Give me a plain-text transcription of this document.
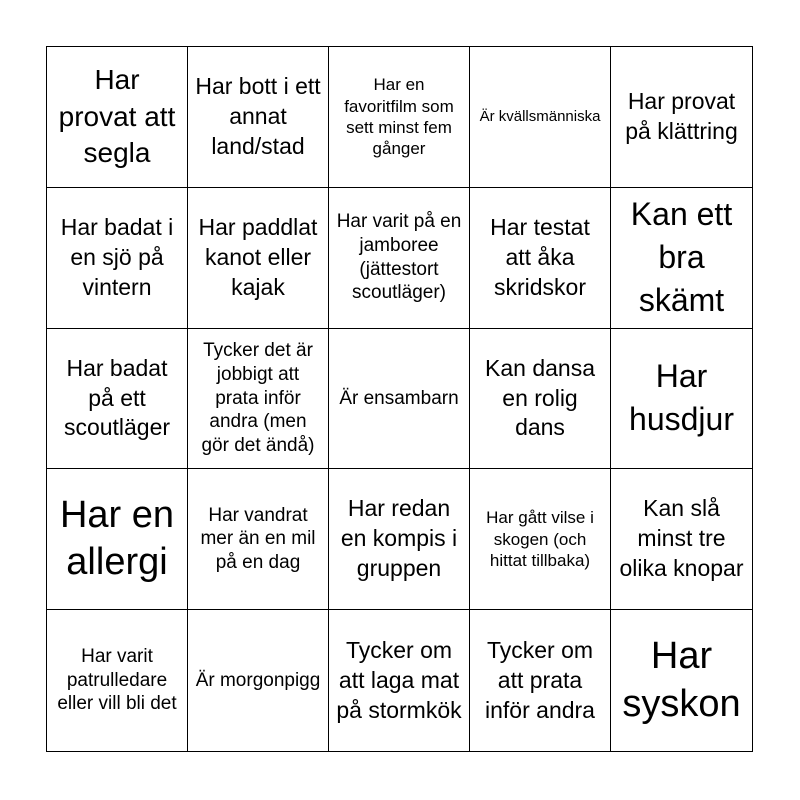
Har provat att segla
Har bott i ett annat land/stad
Har en favoritfilm som sett minst fem gånger
Är kvällsmänniska
Har provat på klättring
Har badat i en sjö på vintern
Har paddlat kanot eller kajak
Har varit på en jamboree (jättestort scoutläger)
Har testat att åka skridskor
Kan ett bra skämt
Har badat på ett scoutläger
Tycker det är jobbigt att prata inför andra (men gör det ändå)
Är ensambarn
Kan dansa en rolig dans
Har husdjur
Har en allergi
Har vandrat mer än en mil på en dag
Har redan en kompis i gruppen
Har gått vilse i skogen (och hittat tillbaka)
Kan slå minst tre olika knopar
Har varit patrulledare eller vill bli det
Är morgonpigg
Tycker om att laga mat på stormkök
Tycker om att prata inför andra
Har syskon
